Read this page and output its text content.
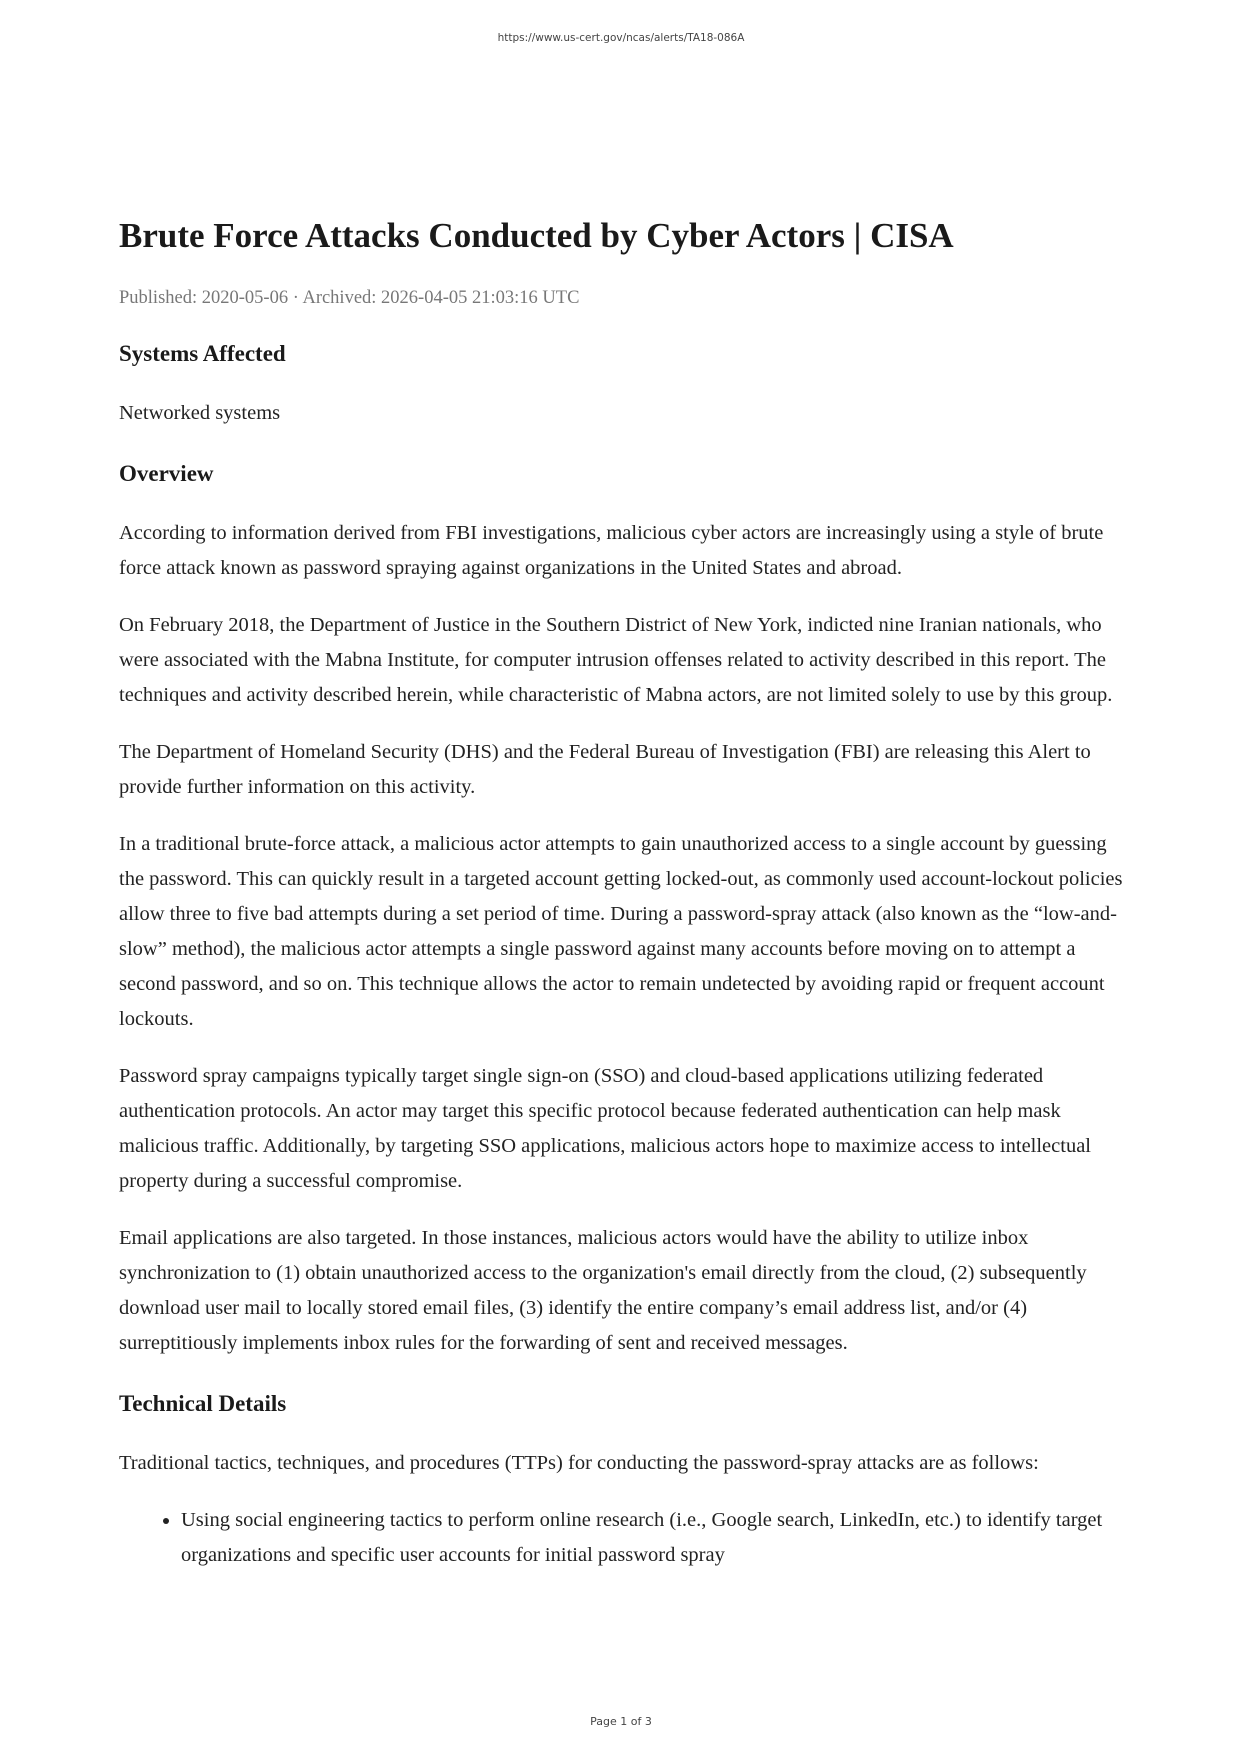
https://www.us-cert.gov/ncas/alerts/TA18-086A
Brute Force Attacks Conducted by Cyber Actors | CISA
Published: 2020-05-06 · Archived: 2026-04-05 21:03:16 UTC
Systems Affected

Networked systems

Overview

According to information derived from FBI investigations, malicious cyber actors are increasingly using a style of brute force attack known as password spraying against organizations in the United States and abroad.

On February 2018, the Department of Justice in the Southern District of New York, indicted nine Iranian nationals, who were associated with the Mabna Institute, for computer intrusion offenses related to activity described in this report. The techniques and activity described herein, while characteristic of Mabna actors, are not limited solely to use by this group.

The Department of Homeland Security (DHS) and the Federal Bureau of Investigation (FBI) are releasing this Alert to provide further information on this activity.

In a traditional brute-force attack, a malicious actor attempts to gain unauthorized access to a single account by guessing the password. This can quickly result in a targeted account getting locked-out, as commonly used account-lockout policies allow three to five bad attempts during a set period of time. During a password-spray attack (also known as the “low-and-slow” method), the malicious actor attempts a single password against many accounts before moving on to attempt a second password, and so on. This technique allows the actor to remain undetected by avoiding rapid or frequent account lockouts.

Password spray campaigns typically target single sign-on (SSO) and cloud-based applications utilizing federated authentication protocols. An actor may target this specific protocol because federated authentication can help mask malicious traffic. Additionally, by targeting SSO applications, malicious actors hope to maximize access to intellectual property during a successful compromise.

Email applications are also targeted. In those instances, malicious actors would have the ability to utilize inbox synchronization to (1) obtain unauthorized access to the organization's email directly from the cloud, (2) subsequently download user mail to locally stored email files, (3) identify the entire company’s email address list, and/or (4) surreptitiously implements inbox rules for the forwarding of sent and received messages.

Technical Details

Traditional tactics, techniques, and procedures (TTPs) for conducting the password-spray attacks are as follows:

• Using social engineering tactics to perform online research (i.e., Google search, LinkedIn, etc.) to identify target organizations and specific user accounts for initial password spray
Page 1 of 3
